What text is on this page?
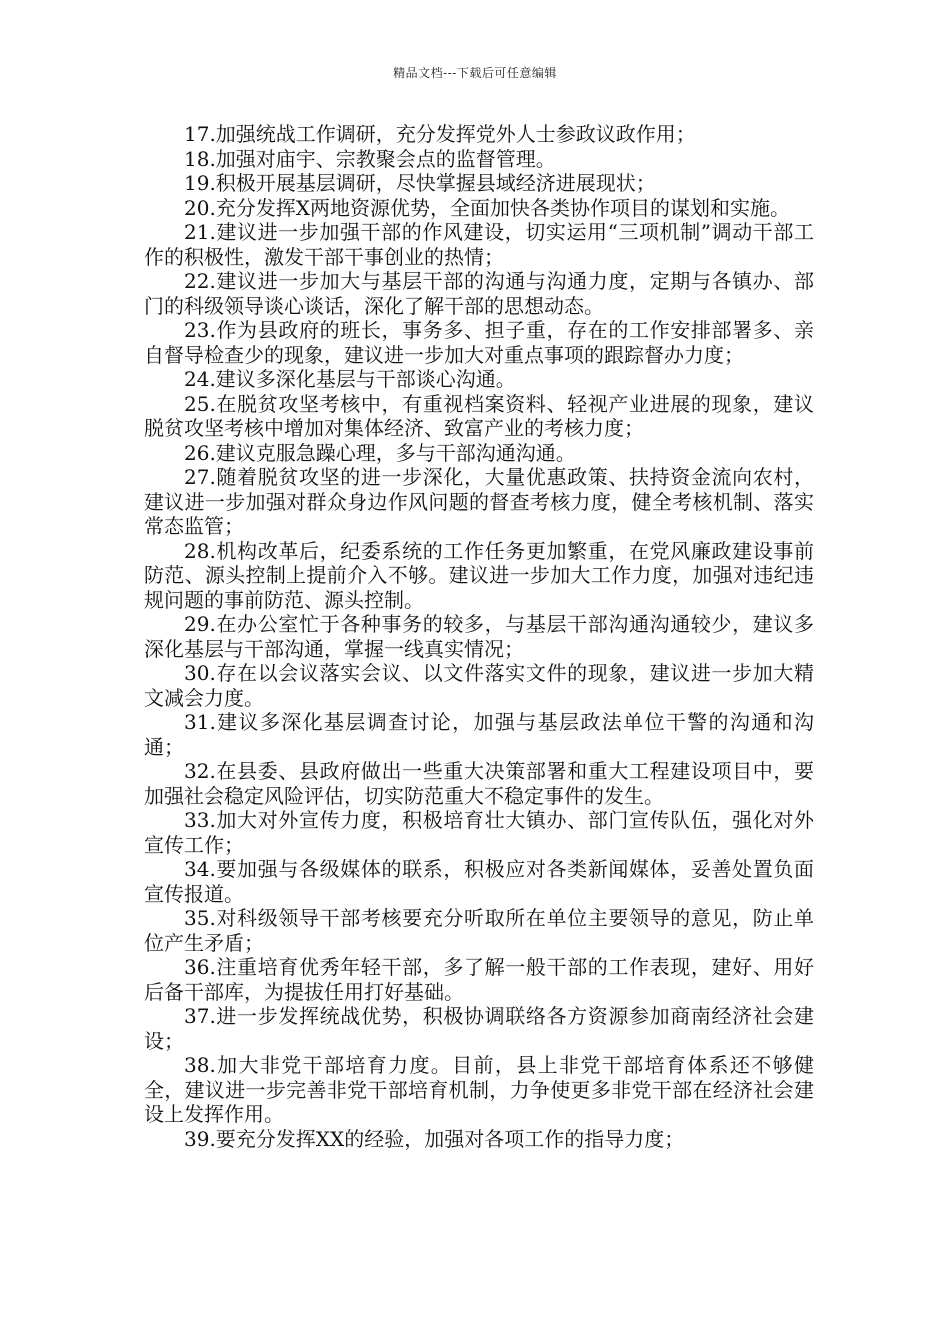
精品文档---下载后可任意编辑

17.加强统战工作调研，充分发挥党外人士参政议政作用；

18.加强对庙宇、宗教聚会点的监督管理。

19.积极开展基层调研，尽快掌握县域经济进展现状；

20.充分发挥X两地资源优势，全面加快各类协作项目的谋划和实施。

21.建议进一步加强干部的作风建设，切实运用“三项机制”调动干部工作的积极性，激发干部干事创业的热情；

22.建议进一步加大与基层干部的沟通与沟通力度，定期与各镇办、部门的科级领导谈心谈话，深化了解干部的思想动态。

23.作为县政府的班长，事务多、担子重，存在的工作安排部署多、亲自督导检查少的现象，建议进一步加大对重点事项的跟踪督办力度；

24.建议多深化基层与干部谈心沟通。

25.在脱贫攻坚考核中，有重视档案资料、轻视产业进展的现象，建议脱贫攻坚考核中增加对集体经济、致富产业的考核力度；

26.建议克服急躁心理，多与干部沟通沟通。

27.随着脱贫攻坚的进一步深化，大量优惠政策、扶持资金流向农村，建议进一步加强对群众身边作风问题的督查考核力度，健全考核机制、落实常态监管；

28.机构改革后，纪委系统的工作任务更加繁重，在党风廉政建设事前防范、源头控制上提前介入不够。建议进一步加大工作力度，加强对违纪违规问题的事前防范、源头控制。

29.在办公室忙于各种事务的较多，与基层干部沟通沟通较少，建议多深化基层与干部沟通，掌握一线真实情况；

30.存在以会议落实会议、以文件落实文件的现象，建议进一步加大精文减会力度。

31.建议多深化基层调查讨论，加强与基层政法单位干警的沟通和沟通；

32.在县委、县政府做出一些重大决策部署和重大工程建设项目中，要加强社会稳定风险评估，切实防范重大不稳定事件的发生。

33.加大对外宣传力度，积极培育壮大镇办、部门宣传队伍，强化对外宣传工作；

34.要加强与各级媒体的联系，积极应对各类新闻媒体，妥善处置负面宣传报道。

35.对科级领导干部考核要充分听取所在单位主要领导的意见，防止单位产生矛盾；

36.注重培育优秀年轻干部，多了解一般干部的工作表现，建好、用好后备干部库，为提拔任用打好基础。

37.进一步发挥统战优势，积极协调联络各方资源参加商南经济社会建设；

38.加大非党干部培育力度。目前，县上非党干部培育体系还不够健全，建议进一步完善非党干部培育机制，力争使更多非党干部在经济社会建设上发挥作用。

39.要充分发挥XX的经验，加强对各项工作的指导力度；
